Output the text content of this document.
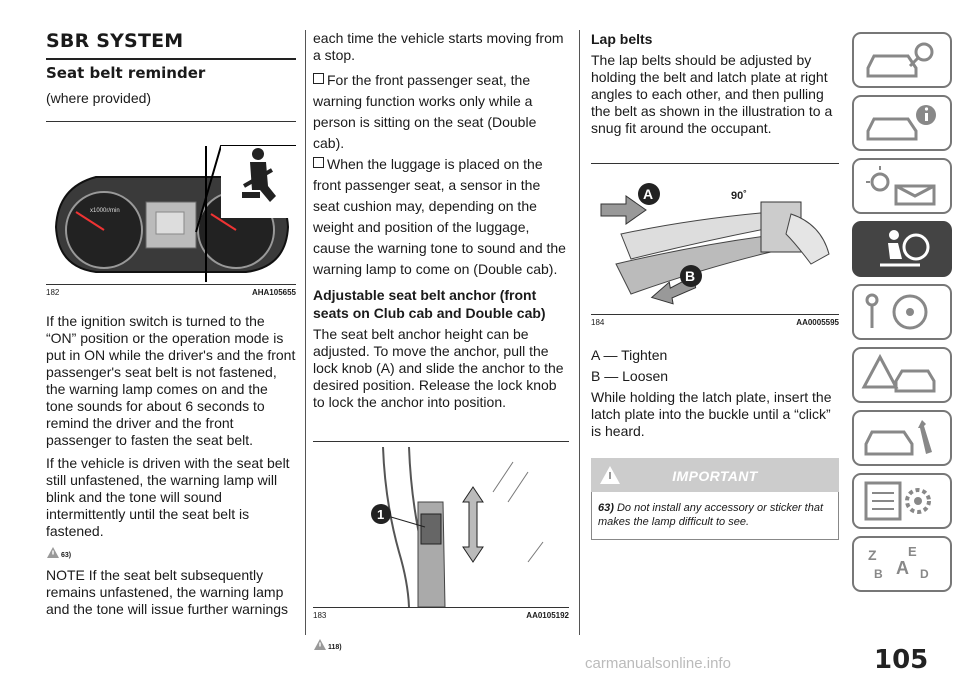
SBR SYSTEM
Seat belt reminder

(where provided)

x1000r/min
182	AHA105655

If the ignition switch is turned to the “ON” position or the operation mode is put in ON while the driver's and the front passenger's seat belt is not fastened, the warning lamp comes on and the tone sounds for about 6 seconds to remind the driver and the front passenger to fasten the seat belt.

If the vehicle is driven with the seat belt still unfastened, the warning lamp will blink and the tone will sound intermittently until the seat belt is fastened.

63)

NOTE If the seat belt subsequently remains unfastened, the warning lamp and the tone will issue further warnings

each time the vehicle starts moving from a stop.

For the front passenger seat, the warning function works only while a person is sitting on the seat (Double cab).

When the luggage is placed on the front passenger seat, a sensor in the seat cushion may, depending on the weight and position of the luggage, cause the warning tone to sound and the warning lamp to come on (Double cab).

Adjustable seat belt anchor (front seats on Club cab and Double cab)

The seat belt anchor height can be adjusted. To move the anchor, pull the lock knob (A) and slide the anchor to the desired position. Release the lock knob to lock the anchor into position.

1
183	AA0105192
118)
Lap belts

The lap belts should be adjusted by holding the belt and latch plate at right angles to each other, and then pulling the belt as shown in the illustration to a snug fit around the occupant.

A	90˚
B
184	AA0005595

A — Tighten

B — Loosen

While holding the latch plate, insert the latch plate into the buckle until a “click” is heard.

IMPORTANT
63) Do not install any accessory or sticker that makes the lamp difficult to see.
Z E
B A D
105
carmanualsonline.info
